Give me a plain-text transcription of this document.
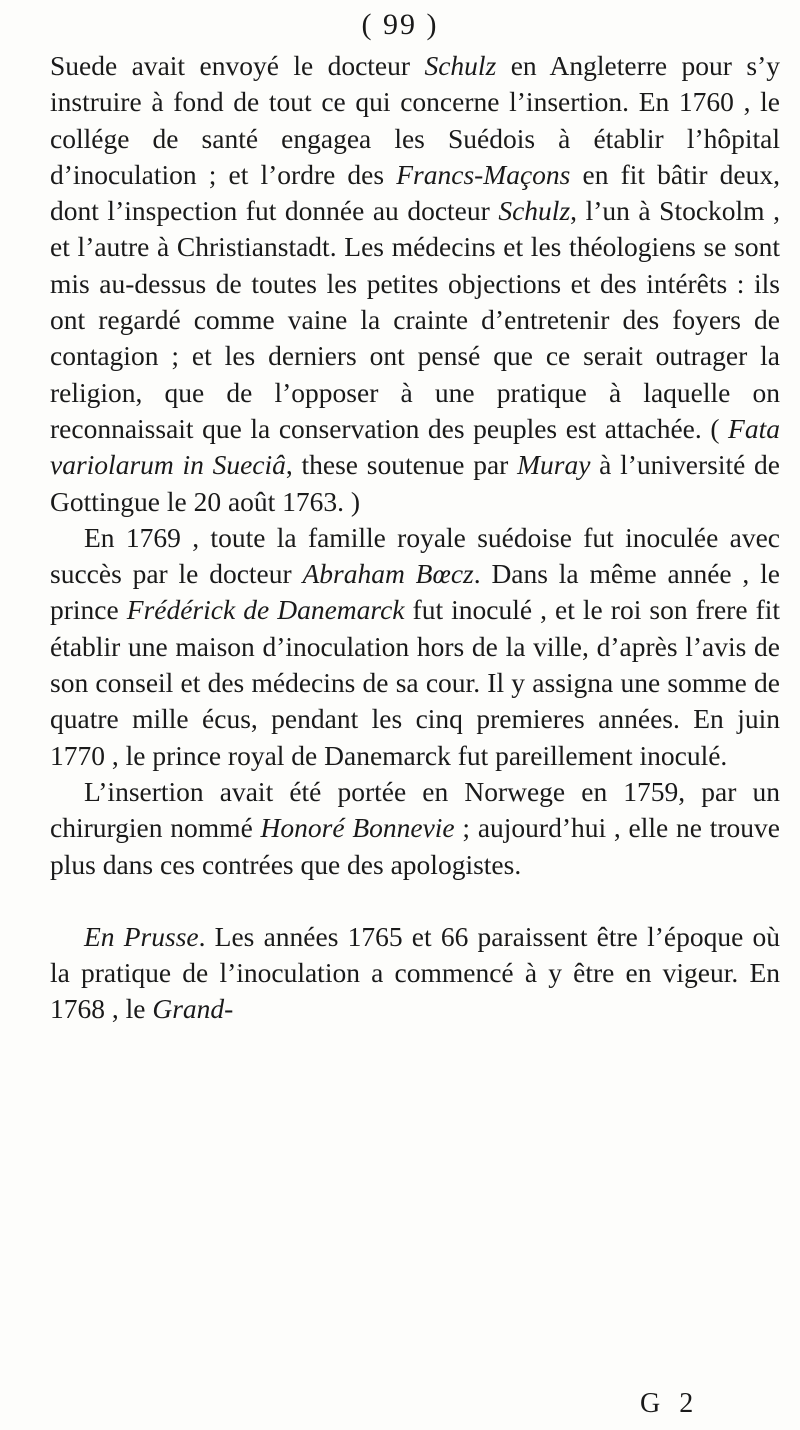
( 99 )

Suede avait envoyé le docteur Schulz en Angleterre pour s’y instruire à fond de tout ce qui concerne l’insertion. En 1760 , le collége de santé engagea les Suédois à établir l’hôpital d’inoculation ; et l’ordre des Francs-Maçons en fit bâtir deux, dont l’inspection fut donnée au docteur Schulz, l’un à Stockolm , et l’autre à Christianstadt. Les médecins et les théologiens se sont mis au-dessus de toutes les petites objections et des intérêts : ils ont regardé comme vaine la crainte d’entretenir des foyers de contagion ; et les derniers ont pensé que ce serait outrager la religion, que de l’opposer à une pratique à laquelle on reconnaissait que la conservation des peuples est attachée. ( Fata variolarum in Sueciâ, these soutenue par Muray à l’université de Gottingue le 20 août 1763. )

En 1769 , toute la famille royale suédoise fut inoculée avec succès par le docteur Abraham Bœcz. Dans la même année , le prince Frédérick de Danemarck fut inoculé , et le roi son frere fit établir une maison d’inoculation hors de la ville, d’après l’avis de son conseil et des médecins de sa cour. Il y assigna une somme de quatre mille écus, pendant les cinq premieres années. En juin 1770 , le prince royal de Danemarck fut pareillement inoculé.

L’insertion avait été portée en Norwege en 1759, par un chirurgien nommé Honoré Bonnevie ; aujourd’hui , elle ne trouve plus dans ces contrées que des apologistes.

En Prusse. Les années 1765 et 66 paraissent être l’époque où la pratique de l’inoculation a commencé à y être en vigeur. En 1768 , le Grand-

G 2
